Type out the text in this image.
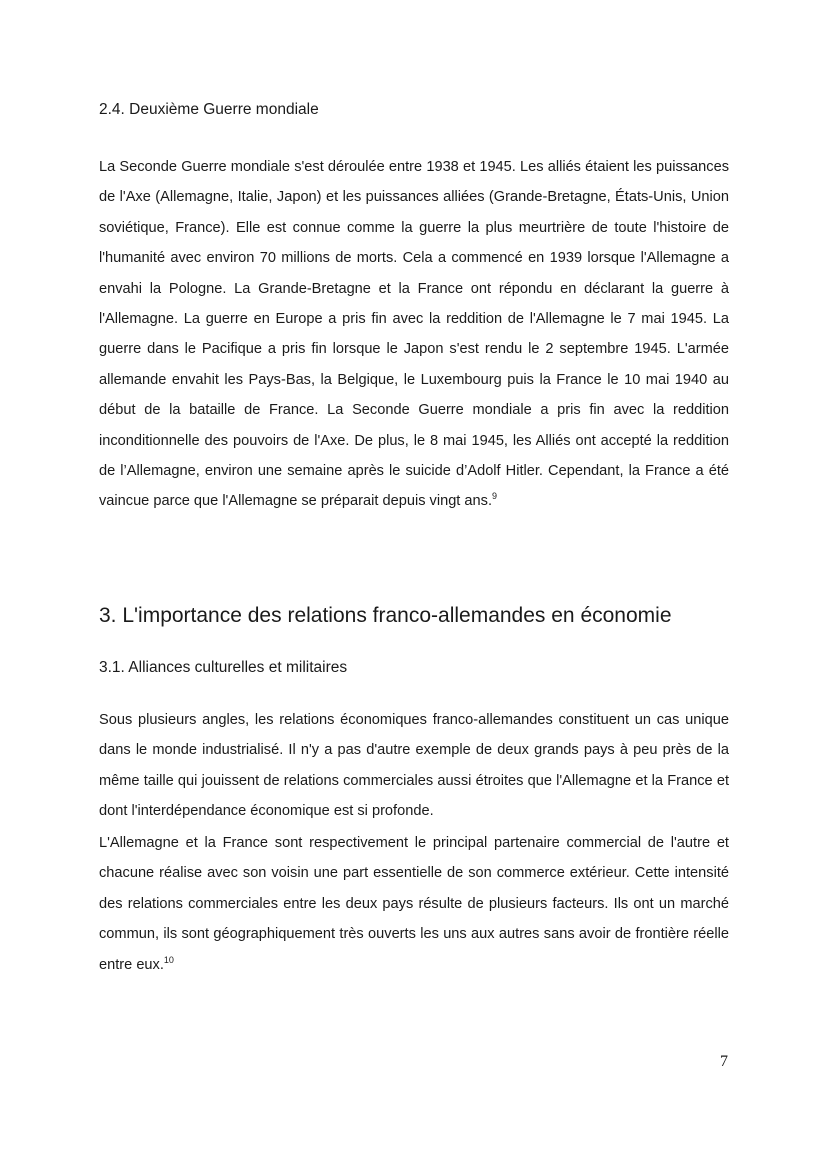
2.4. Deuxième Guerre mondiale

La Seconde Guerre mondiale s'est déroulée entre 1938 et 1945. Les alliés étaient les puissances de l'Axe (Allemagne, Italie, Japon) et les puissances alliées (Grande-Bretagne, États-Unis, Union soviétique, France). Elle est connue comme la guerre la plus meurtrière de toute l'histoire de l'humanité avec environ 70 millions de morts. Cela a commencé en 1939 lorsque l'Allemagne a envahi la Pologne. La Grande-Bretagne et la France ont répondu en déclarant la guerre à l'Allemagne. La guerre en Europe a pris fin avec la reddition de l'Allemagne le 7 mai 1945. La guerre dans le Pacifique a pris fin lorsque le Japon s'est rendu le 2 septembre 1945. L'armée allemande envahit les Pays-Bas, la Belgique, le Luxembourg puis la France le 10 mai 1940 au début de la bataille de France. La Seconde Guerre mondiale a pris fin avec la reddition inconditionnelle des pouvoirs de l'Axe. De plus, le 8 mai 1945, les Alliés ont accepté la reddition de l’Allemagne, environ une semaine après le suicide d’Adolf Hitler. Cependant, la France a été vaincue parce que l'Allemagne se préparait depuis vingt ans.$^9$

3. L'importance des relations franco-allemandes en économie
3.1. Alliances culturelles et militaires

Sous plusieurs angles, les relations économiques franco-allemandes constituent un cas unique dans le monde industrialisé. Il n'y a pas d'autre exemple de deux grands pays à peu près de la même taille qui jouissent de relations commerciales aussi étroites que l'Allemagne et la France et dont l'interdépendance économique est si profonde.

L'Allemagne et la France sont respectivement le principal partenaire commercial de l'autre et chacune réalise avec son voisin une part essentielle de son commerce extérieur. Cette intensité des relations commerciales entre les deux pays résulte de plusieurs facteurs. Ils ont un marché commun, ils sont géographiquement très ouverts les uns aux autres sans avoir de frontière réelle entre eux.$^{10}$

7
